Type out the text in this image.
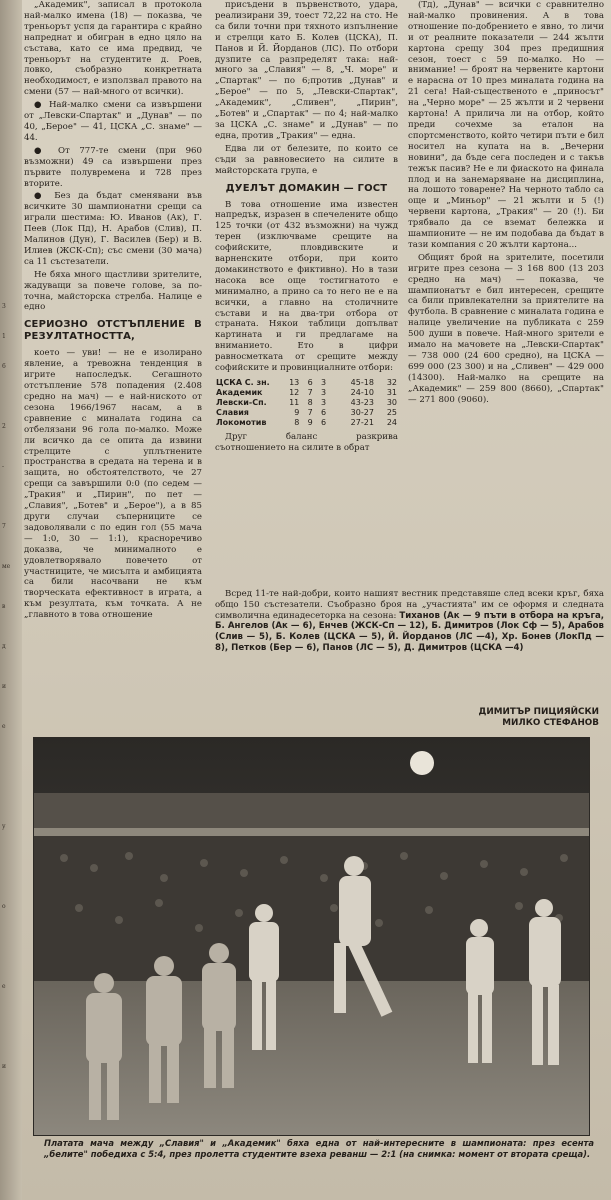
3
1
6
2
-
7
ме
в
д
и
е
у
о
е
и

„Академик", записал в протокола най-малко имена (18) — показва, че треньорът успя да гарантира с крайно напреднат и обигран в едно цяло на състава, като се има предвид, че треньорът на студентите д. Роев, ловко, съобразно конкретната необходимост, е използвал правото на смени (57 — най-много от всички).

● Най-малко смени са извършени от „Левски-Спартак" и „Дунав" — по 40, „Берое" — 41, ЦСКА „С. знаме" — 44.

● От 777-те смени (при 960 възможни) 49 са извършени през първите полувремена и 728 през вторите.

● Без да бъдат сменявани във всичките 30 шампионатни срещи са играли шестима: Ю. Иванов (Ак), Г. Пеев (Лок Пд), Н. Арабов (Слив), П. Малинов (Дун), Г. Василев (Бер) и В. Илиев (ЖСК-Сп); със смени (30 мача) са 11 състезатели.

Не бяха много щастливи зрителите, жадуващи за повече голове, за по-точна, майсторска стрелба. Налице е едно

СЕРИОЗНО ОТСТЪПЛЕНИЕ В РЕЗУЛТАТНОСТТА,

което — уви! — не е изолирано явление, а тревожна тенденция в игрите напоследък. Сегашното отстъпление 578 попадения (2.408 средно на мач) — е най-ниското от сезона 1966/1967 насам, а в сравнение с миналата година са отбелязани 96 гола по-малко. Може ли всичко да се опита да извини стрелците с уплътнените пространства в средата на терена и в защита, но обстоятелството, че 27 срещи са завършили 0:0 (по седем — „Тракия" и „Пирин", по пет — „Славия", „Ботев" и „Берое"), а в 85 други случаи съперниците се задоволявали с по един гол (55 мача — 1:0, 30 — 1:1), красноречиво доказва, че минималното е удовлетворявало повечето от участниците, че мисълта и амбицията са били насочвани не към творческата ефективност в играта, а към резултата, към точката. А не „главното в това отношение

присъдени в първенството, удара, реализирани 39, тоест 72,22 на сто. Не са били точни при тяхното изпълнение и стрелци като Б. Колев (ЦСКА), П. Панов и Й. Йорданов (ЛС). По отбори дузпите са разпределят така: най-много за „Славия" — 8, „Ч. море" и „Спартак" — по 6;против „Дунав" и „Берое" — по 5, „Левски-Спартак", „Академик", „Сливен", „Пирин", „Ботев" и „Спартак" — по 4; най-малко за ЦСКА „С. знаме" и „Дунав" — по една, против „Тракия" — една.

Едва ли от белезите, по които се съди за равновесието на силите в майсторската група, е

ДУЕЛЪТ ДОМАКИН — ГОСТ

В това отношение има известен напредък, изразен в спечелените общо 125 точки (от 432 възможни) на чужд терен (изключваме срещите на софийските, пловдивските и варненските отбори, при които домакинството е фиктивно). Но в тази насока все още тостигнатото е минимално, а прино са то него не е на всички, а главно на столичните състави и на два-три отбора от страната. Някои таблици допълват картината и ги предлагаме на вниманието. Ето в цифри равносметката от срещите между софийските и провинциалните отбори:

ЦСКА С. зн.	13	6	3	45-18	32
Академик	12	7	3	24-10	31
Левски-Сп.	11	8	3	43-23	30
Славия	9	7	6	30-27	25
Локомотив	8	9	6	27-21	24

Друг баланс разкрива съотношението на силите в обрат

(Тд), „Дунав" — всички с сравнително най-малко провинения. А в това отношение по-добрението е явно, то личи и от реалните показатели — 244 жълти картона срещу 304 през предишния сезон, тоест с 59 по-малко. Но — внимание! — броят на червените картони е нарасна от 10 през миналата година на 21 сега! Най-същественото е „приносът" на „Черно море" — 25 жълти и 2 червени картона! А прилича ли на отбор, който преди сочехме за еталон на спортсменството, който четири пъти е бил носител на купата на в. „Вечерни новини", да бъде сега последен и с такъв тежък пасив? Не е ли фиаското на финала плод и на занемаряване на дисциплина, на лошото товарене? На черното табло са още и „Миньор" — 21 жълти и 5 (!) червени картона, „Тракия" — 20 (!). Би трябвало да се вземат бележка и шампионите — не им подобава да бъдат в тази компания с 20 жълти картона...

Общият брой на зрителите, посетили игрите през сезона — 3 168 800 (13 203 средно на мач) — показва, че шампионатът е бил интересен, срещите са били привлекателни за приятелите на футбола. В сравнение с миналата година е налице увеличение на публиката с 259 500 души в повече. Най-много зрители е имало на мачовете на „Левски-Спартак" — 738 000 (24 600 средно), на ЦСКА — 699 000 (23 300) и на „Сливен" — 429 000 (14300). Най-малко на срещите на „Академик" — 259 800 (8660), „Спартак" — 271 800 (9060).

Всред 11-те най-добри, които нашият вестник представяше след всеки кръг, бяха общо 150 състезатели. Съобразно броя на „участията" им се оформя и следната символична единадесеторка на сезона: Тиханов (Ак — 9 пъти в отбора на кръга, Б. Ангелов (Ак — 6), Енчев (ЖСК-Сп — 12), Б. Димитров (Лок Сф — 5), Арабов (Слив — 5), Б. Колев (ЦСКА — 5), Й. Йорданов (ЛС —4), Хр. Бонев (ЛокПд — 8), Петков (Бер — 6), Панов (ЛС — 5), Д. Димитров (ЦСКА —4)

ДИМИТЪР ПИЦИЯЙСКИ
МИЛКО СТЕФАНОВ
Платата мача между „Славия" и „Академик" бяха една от най-интересните в шампионата: през есента „белите" победиха с 5:4, през пролетта студентите взеха реванш — 2:1 (на снимка: момент от втората среща).
